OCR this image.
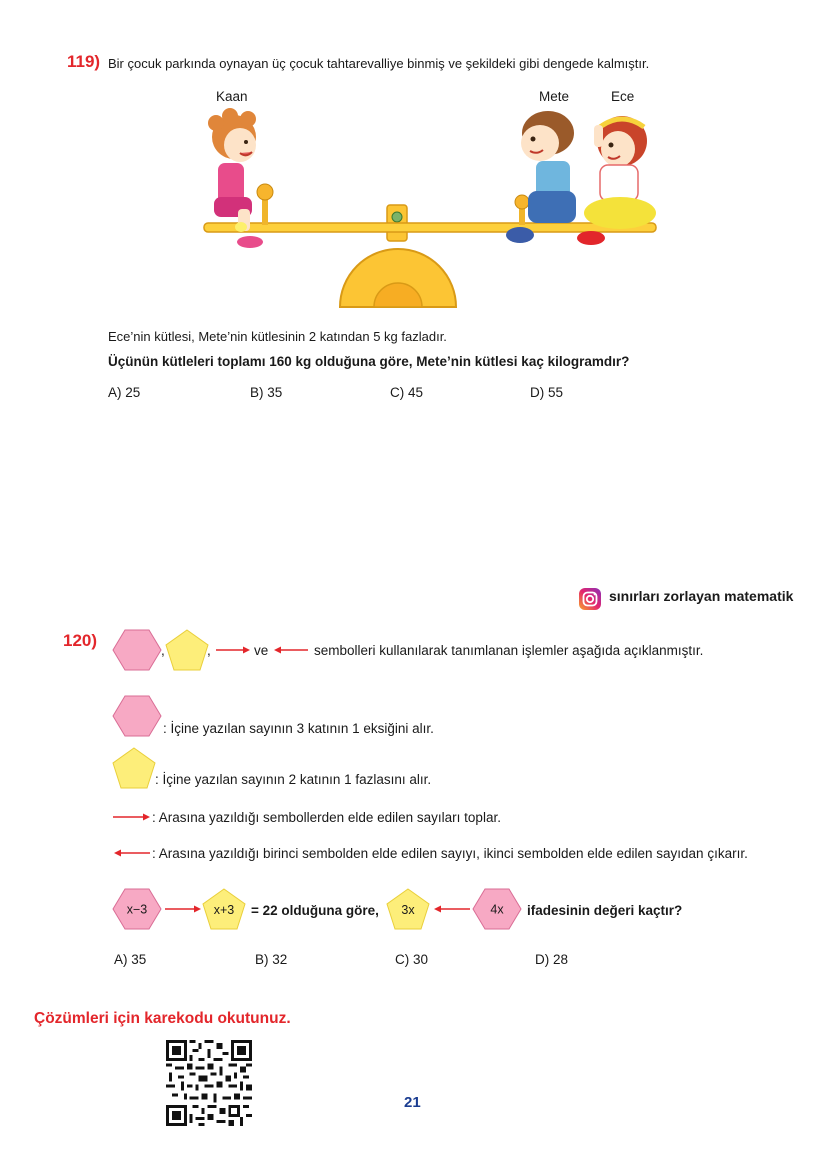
119) Bir çocuk parkında oynayan üç çocuk tahtarevalliye binmiş ve şekildeki gibi dengede kalmıştır.
Kaan	Mete	Ece
Ece’nin kütlesi, Mete’nin kütlesinin 2 katından 5 kg fazladır.
Üçünün kütleleri toplamı 160 kg olduğuna göre, Mete’nin kütlesi kaç kilogramdır?
A) 25	B) 35	C) 45	D) 55
sınırları zorlayan matematik
120)
,	,	ve	sembolleri kullanılarak tanımlanan işlemler aşağıda açıklanmıştır.
: İçine yazılan sayının 3 katının 1 eksiğini alır.
: İçine yazılan sayının 2 katının 1 fazlasını alır.
: Arasına yazıldığı sembollerden elde edilen sayıları toplar.
: Arasına yazıldığı birinci sembolden elde edilen sayıyı, ikinci sembolden elde edilen sayıdan çıkarır.
x−3	x+3	3x	4x
= 22 olduğuna göre,	ifadesinin değeri kaçtır?
A) 35	B) 32	C) 30	D) 28
Çözümleri için karekodu okutunuz.
21
